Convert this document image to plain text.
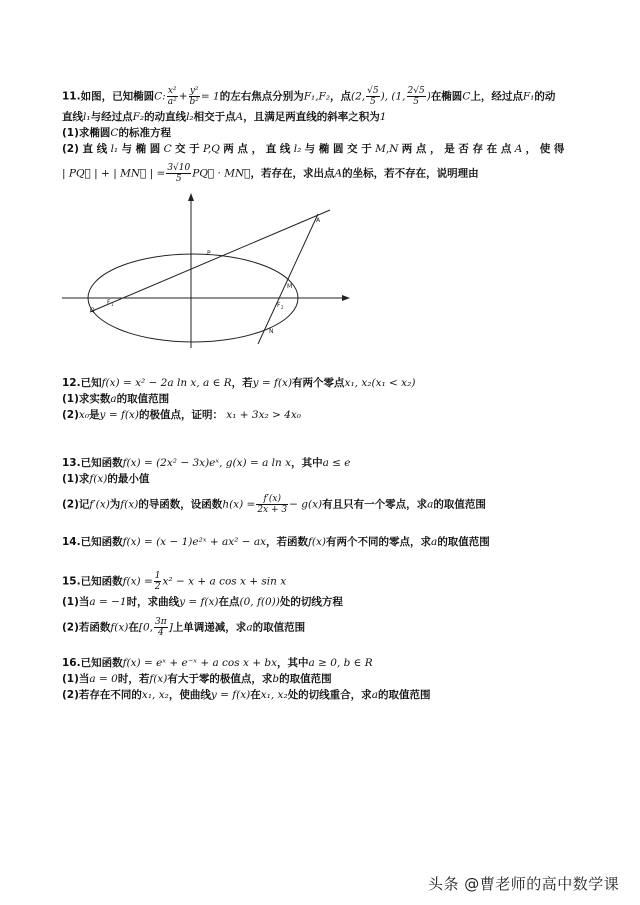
11.如图，已知椭圆C: $\frac{\text{x²}}{\text{a²}} + \frac{\text{y²}}{\text{b²}} = 1$的左右焦点分别为F₁,F₂，点(2, $\frac{√5}{5}$ ), (1, $\frac{2√5}{5}$ )在椭圆C上，经过点F₁的动
直线l₁与经过点F₂的动直线l₂相交于点A，且满足两直线的斜率之积为1
(1)求椭圆C的标准方程
(2) 直 线 l₁ 与 椭 圆 C 交 于 P,Q 两 点 ， 直 线 l₂ 与 椭 圆 交 于 M,N 两 点 ， 是 否 存 在 点 A ， 使 得
| PQ⃗ | + | MN⃗ | = $\frac{3√10}{5}$ PQ⃗ · MN⃗，若存在，求出点A的坐标，若不存在，说明理由
A
P
M
Q
F 1	F 2
N
12.已知f(x) = x² − 2a ln x, a ∈ R，若y = f(x)有两个零点x₁, x₂(x₁ < x₂)
(1)求实数a的取值范围
(2)x₀是y = f(x)的极值点，证明： x₁ + 3x₂ > 4x₀
13.已知函数f(x) = (2x² − 3x)eˣ, g(x) = a ln x，其中a ≤ e
(1)求f(x)的最小值
(2)记f′(x)为f(x)的导函数，设函数$h(x) = \frac{f'(x)}{2x + 3} - g(x)$有且只有一个零点，求a的取值范围
14.已知函数f(x) = (x − 1)e²ˣ + ax² − ax，若函数f(x)有两个不同的零点，求a的取值范围
15.已知函数$f(x) = \frac{1}{2} x^2 - x + a$ cos x + sin x
(1)当a = −1时，求曲线y = f(x)在点(0, f(0))处的切线方程
(2)若函数f(x)在[0, $\frac{3\pi}{4}$ ]上单调递减，求a的取值范围
16.已知函数f(x) = eˣ + e⁻ˣ + a cos x + bx，其中a ≥ 0, b ∈ R
(1)当a = 0时，若f(x)有大于零的极值点，求b的取值范围
(2)若存在不同的x₁, x₂，使曲线y = f(x)在x₁, x₂处的切线重合，求a的取值范围
头条 @曹老师的高中数学课
